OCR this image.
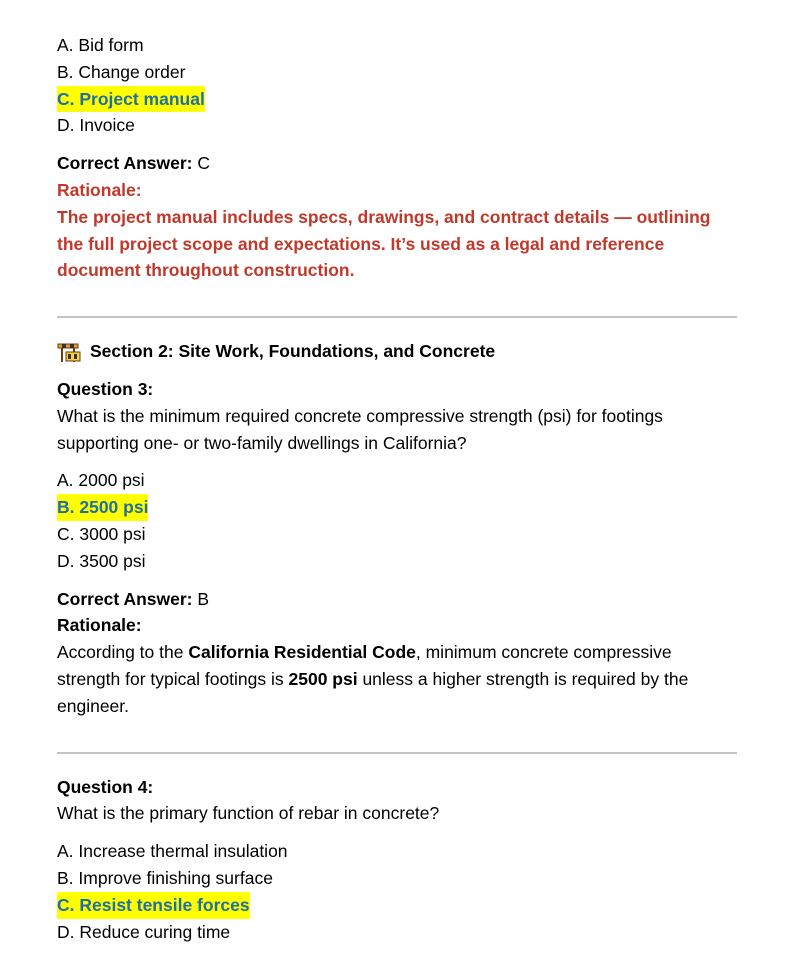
A. Bid form
B. Change order
C. Project manual
D. Invoice

Correct Answer: C

Rationale:

The project manual includes specs, drawings, and contract details — outlining the full project scope and expectations. It’s used as a legal and reference document throughout construction.

Section 2: Site Work, Foundations, and Concrete

Question 3:

What is the minimum required concrete compressive strength (psi) for footings supporting one- or two-family dwellings in California?

A. 2000 psi
B. 2500 psi
C. 3000 psi
D. 3500 psi

Correct Answer: B

Rationale:

According to the California Residential Code, minimum concrete compressive strength for typical footings is 2500 psi unless a higher strength is required by the engineer.

Question 4:

What is the primary function of rebar in concrete?

A. Increase thermal insulation
B. Improve finishing surface
C. Resist tensile forces
D. Reduce curing time
